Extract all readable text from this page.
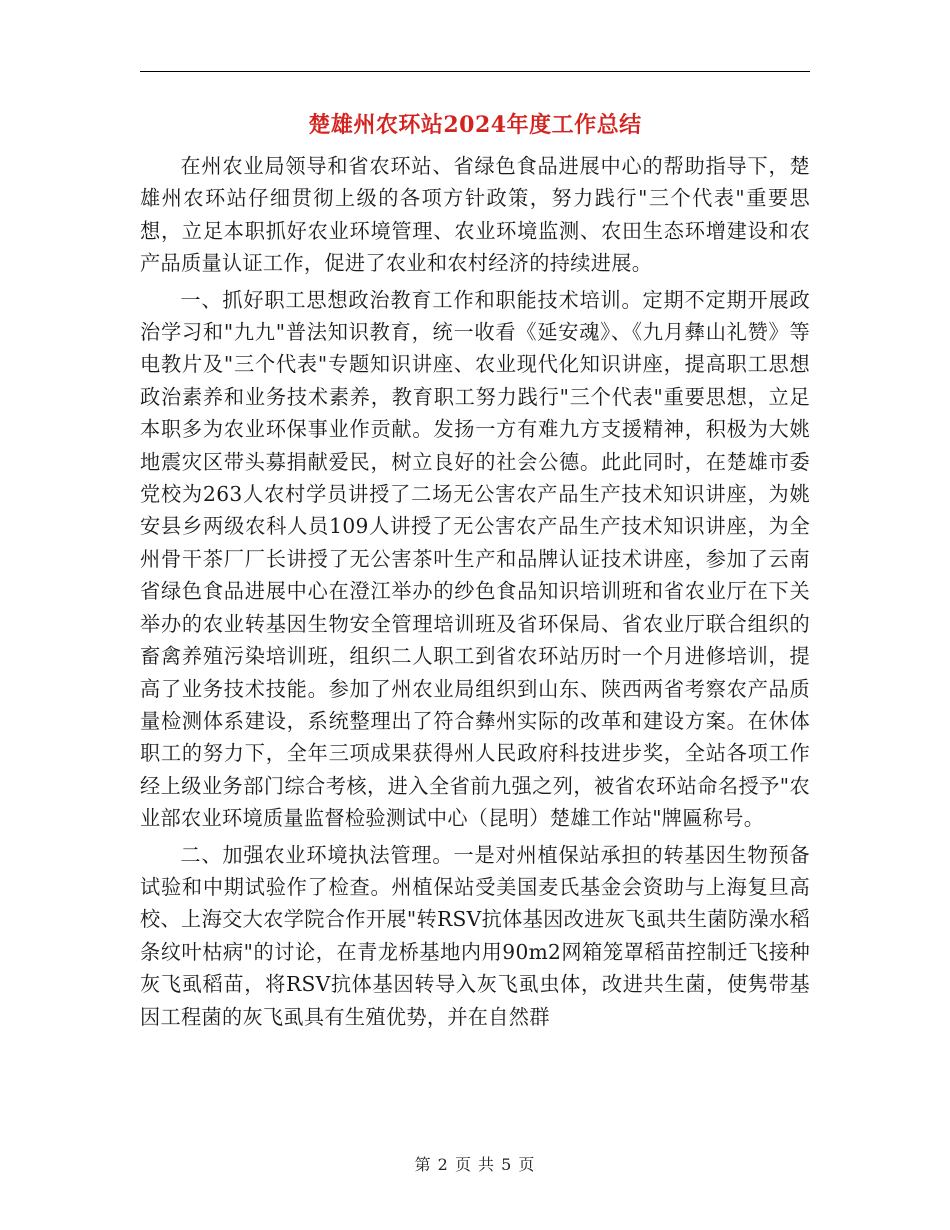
楚雄州农环站2024年度工作总结

在州农业局领导和省农环站、省绿色食品进展中心的帮助指导下，楚雄州农环站仔细贯彻上级的各项方针政策，努力践行"三个代表"重要思想，立足本职抓好农业环境管理、农业环境监测、农田生态环增建设和农产品质量认证工作，促进了农业和农村经济的持续进展。

一、抓好职工思想政治教育工作和职能技术培训。定期不定期开展政治学习和"九九"普法知识教育，统一收看《延安魂》、《九月彝山礼赞》等电教片及"三个代表"专题知识讲座、农业现代化知识讲座，提高职工思想政治素养和业务技术素养，教育职工努力践行"三个代表"重要思想，立足本职多为农业环保事业作贡献。发扬一方有难九方支援精神，积极为大姚地震灾区带头募捐献爱民，树立良好的社会公德。此此同时，在楚雄市委党校为263人农村学员讲授了二场无公害农产品生产技术知识讲座，为姚安县乡两级农科人员109人讲授了无公害农产品生产技术知识讲座，为全州骨干茶厂厂长讲授了无公害茶叶生产和品牌认证技术讲座，参加了云南省绿色食品进展中心在澄江举办的纱色食品知识培训班和省农业厅在下关举办的农业转基因生物安全管理培训班及省环保局、省农业厅联合组织的畜禽养殖污染培训班，组织二人职工到省农环站历时一个月进修培训，提高了业务技术技能。参加了州农业局组织到山东、陕西两省考察农产品质量检测体系建设，系统整理出了符合彝州实际的改革和建设方案。在休体职工的努力下，全年三项成果获得州人民政府科技进步奖，全站各项工作经上级业务部门综合考核，进入全省前九强之列，被省农环站命名授予"农业部农业环境质量监督检验测试中心（昆明）楚雄工作站"牌匾称号。

二、加强农业环境执法管理。一是对州植保站承担的转基因生物预备试验和中期试验作了检查。州植保站受美国麦氏基金会资助与上海复旦高校、上海交大农学院合作开展"转RSV抗体基因改进灰飞虱共生菌防澡水稻条纹叶枯病"的讨论，在青龙桥基地内用90m2网箱笼罩稻苗控制迁飞接种灰飞虱稻苗，将RSV抗体基因转导入灰飞虱虫体，改进共生菌，使隽带基因工程菌的灰飞虱具有生殖优势，并在自然群

第 2 页 共 5 页
